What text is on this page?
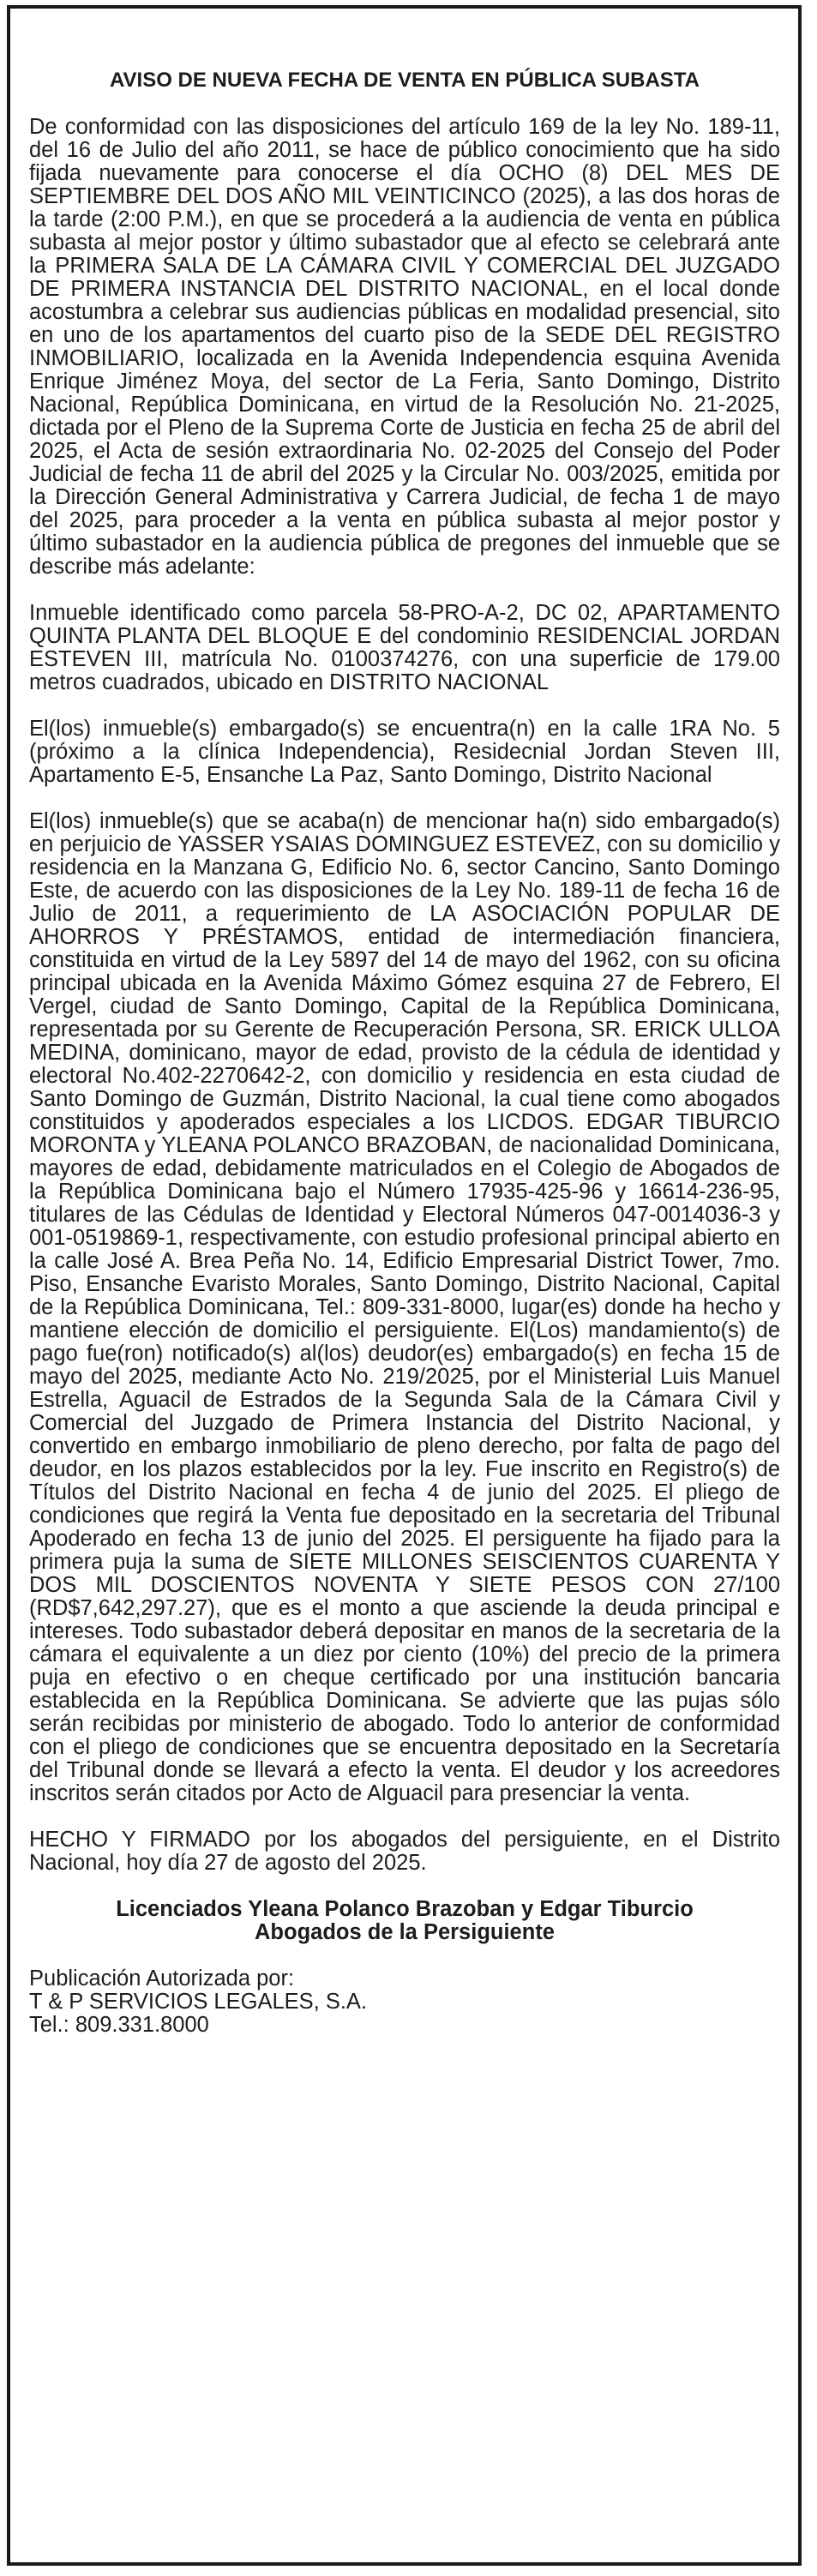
AVISO DE NUEVA FECHA DE VENTA EN PÚBLICA SUBASTA
De conformidad con las disposiciones del artículo 169 de la ley No. 189-11, del 16 de Julio del año 2011, se hace de público conocimiento que ha sido fijada nuevamente para conocerse el día OCHO (8) DEL MES DE SEPTIEMBRE DEL DOS AÑO MIL VEINTICINCO (2025), a las dos horas de la tarde (2:00 P.M.), en que se procederá a la audiencia de venta en pública subasta al mejor postor y último subastador que al efecto se celebrará ante la PRIMERA SALA DE LA CÁMARA CIVIL Y COMERCIAL DEL JUZGADO DE PRIMERA INSTANCIA DEL DISTRITO NACIONAL, en el local donde acostumbra a celebrar sus audiencias públicas en modalidad presencial, sito en uno de los apartamentos del cuarto piso de la SEDE DEL REGISTRO INMOBILIARIO, localizada en la Avenida Independencia esquina Avenida Enrique Jiménez Moya, del sector de La Feria, Santo Domingo, Distrito Nacional, República Dominicana, en virtud de la Resolución No. 21-2025, dictada por el Pleno de la Suprema Corte de Justicia en fecha 25 de abril del 2025, el Acta de sesión extraordinaria No. 02-2025 del Consejo del Poder Judicial de fecha 11 de abril del 2025 y la Circular No. 003/2025, emitida por la Dirección General Administrativa y Carrera Judicial, de fecha 1 de mayo del 2025, para proceder a la venta en pública subasta al mejor postor y último subastador en la audiencia pública de pregones del inmueble que se describe más adelante:
Inmueble identificado como parcela 58-PRO-A-2, DC 02, APARTAMENTO QUINTA PLANTA DEL BLOQUE E del condominio RESIDENCIAL JORDAN ESTEVEN III, matrícula No. 0100374276, con una superficie de 179.00 metros cuadrados, ubicado en DISTRITO NACIONAL
El(los) inmueble(s) embargado(s) se encuentra(n) en la calle 1RA No. 5 (próximo a la clínica Independencia), Residecnial Jordan Steven III, Apartamento E-5, Ensanche La Paz, Santo Domingo, Distrito Nacional
El(los) inmueble(s) que se acaba(n) de mencionar ha(n) sido embargado(s) en perjuicio de YASSER YSAIAS DOMINGUEZ ESTEVEZ, con su domicilio y residencia en la Manzana G, Edificio No. 6, sector Cancino, Santo Domingo Este, de acuerdo con las disposiciones de la Ley No. 189-11 de fecha 16 de Julio de 2011, a requerimiento de LA ASOCIACIÓN POPULAR DE AHORROS Y PRÉSTAMOS, entidad de intermediación financiera, constituida en virtud de la Ley 5897 del 14 de mayo del 1962, con su oficina principal ubicada en la Avenida Máximo Gómez esquina 27 de Febrero, El Vergel, ciudad de Santo Domingo, Capital de la República Dominicana, representada por su Gerente de Recuperación Persona, SR. ERICK ULLOA MEDINA, dominicano, mayor de edad, provisto de la cédula de identidad y electoral No.402-2270642-2, con domicilio y residencia en esta ciudad de Santo Domingo de Guzmán, Distrito Nacional, la cual tiene como abogados constituidos y apoderados especiales a los LICDOS. EDGAR TIBURCIO MORONTA y YLEANA POLANCO BRAZOBAN, de nacionalidad Dominicana, mayores de edad, debidamente matriculados en el Colegio de Abogados de la República Dominicana bajo el Número 17935-425-96 y 16614-236-95, titulares de las Cédulas de Identidad y Electoral Números 047-0014036-3 y 001-0519869-1, respectivamente, con estudio profesional principal abierto en la calle José A. Brea Peña No. 14, Edificio Empresarial District Tower, 7mo. Piso, Ensanche Evaristo Morales, Santo Domingo, Distrito Nacional, Capital de la República Dominicana, Tel.: 809-331-8000, lugar(es) donde ha hecho y mantiene elección de domicilio el persiguiente. El(Los) mandamiento(s) de pago fue(ron) notificado(s) al(los) deudor(es) embargado(s) en fecha 15 de mayo del 2025, mediante Acto No. 219/2025, por el Ministerial Luis Manuel Estrella, Aguacil de Estrados de la Segunda Sala de la Cámara Civil y Comercial del Juzgado de Primera Instancia del Distrito Nacional, y convertido en embargo inmobiliario de pleno derecho, por falta de pago del deudor, en los plazos establecidos por la ley. Fue inscrito en Registro(s) de Títulos del Distrito Nacional en fecha 4 de junio del 2025. El pliego de condiciones que regirá la Venta fue depositado en la secretaria del Tribunal Apoderado en fecha 13 de junio del 2025. El persiguente ha fijado para la primera puja la suma de SIETE MILLONES SEISCIENTOS CUARENTA Y DOS MIL DOSCIENTOS NOVENTA Y SIETE PESOS CON 27/100 (RD$7,642,297.27), que es el monto a que asciende la deuda principal e intereses. Todo subastador deberá depositar en manos de la secretaria de la cámara el equivalente a un diez por ciento (10%) del precio de la primera puja en efectivo o en cheque certificado por una institución bancaria establecida en la República Dominicana. Se advierte que las pujas sólo serán recibidas por ministerio de abogado. Todo lo anterior de conformidad con el pliego de condiciones que se encuentra depositado en la Secretaría del Tribunal donde se llevará a efecto la venta. El deudor y los acreedores inscritos serán citados por Acto de Alguacil para presenciar la venta.
HECHO Y FIRMADO por los abogados del persiguiente, en el Distrito Nacional, hoy día 27 de agosto del 2025.
Licenciados Yleana Polanco Brazoban y Edgar Tiburcio
Abogados de la Persiguiente
Publicación Autorizada por:
T & P SERVICIOS LEGALES, S.A.
Tel.: 809.331.8000
